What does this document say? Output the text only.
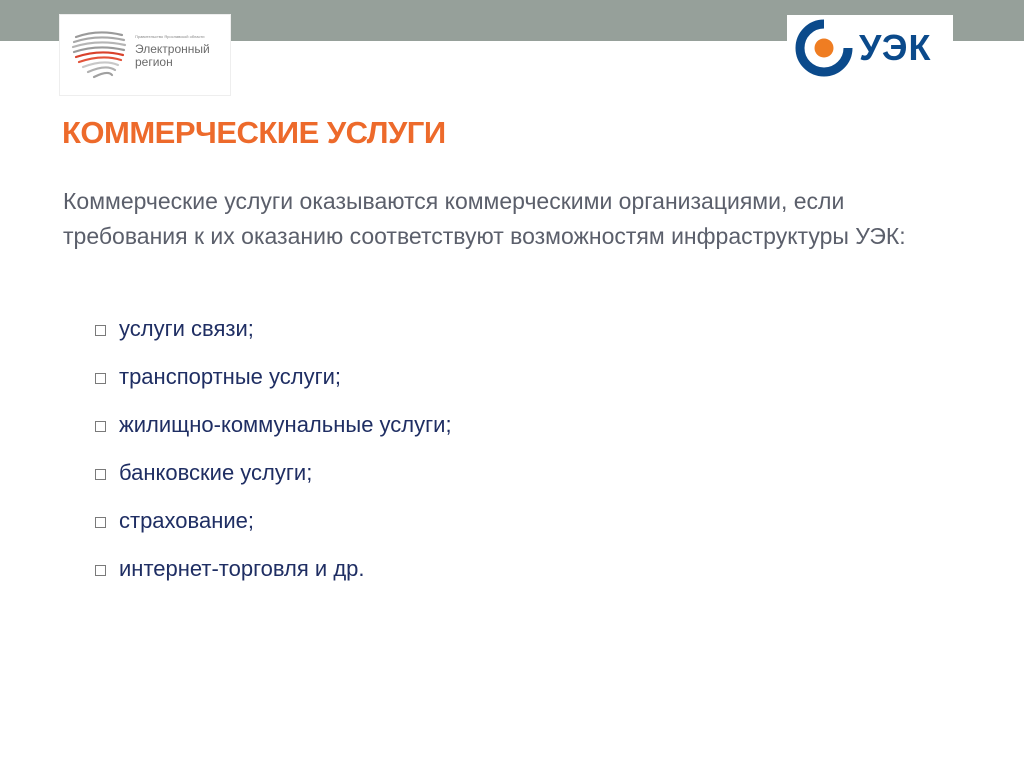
Правительство Ярославской области
Электронный
регион	УЭК
КОММЕРЧЕСКИЕ УСЛУГИ
Коммерческие услуги оказываются коммерческими организациями, если требования к их оказанию соответствуют возможностям инфраструктуры УЭК:
услуги связи;
транспортные услуги;
жилищно-коммунальные услуги;
банковские услуги;
страхование;
интернет-торговля и др.
